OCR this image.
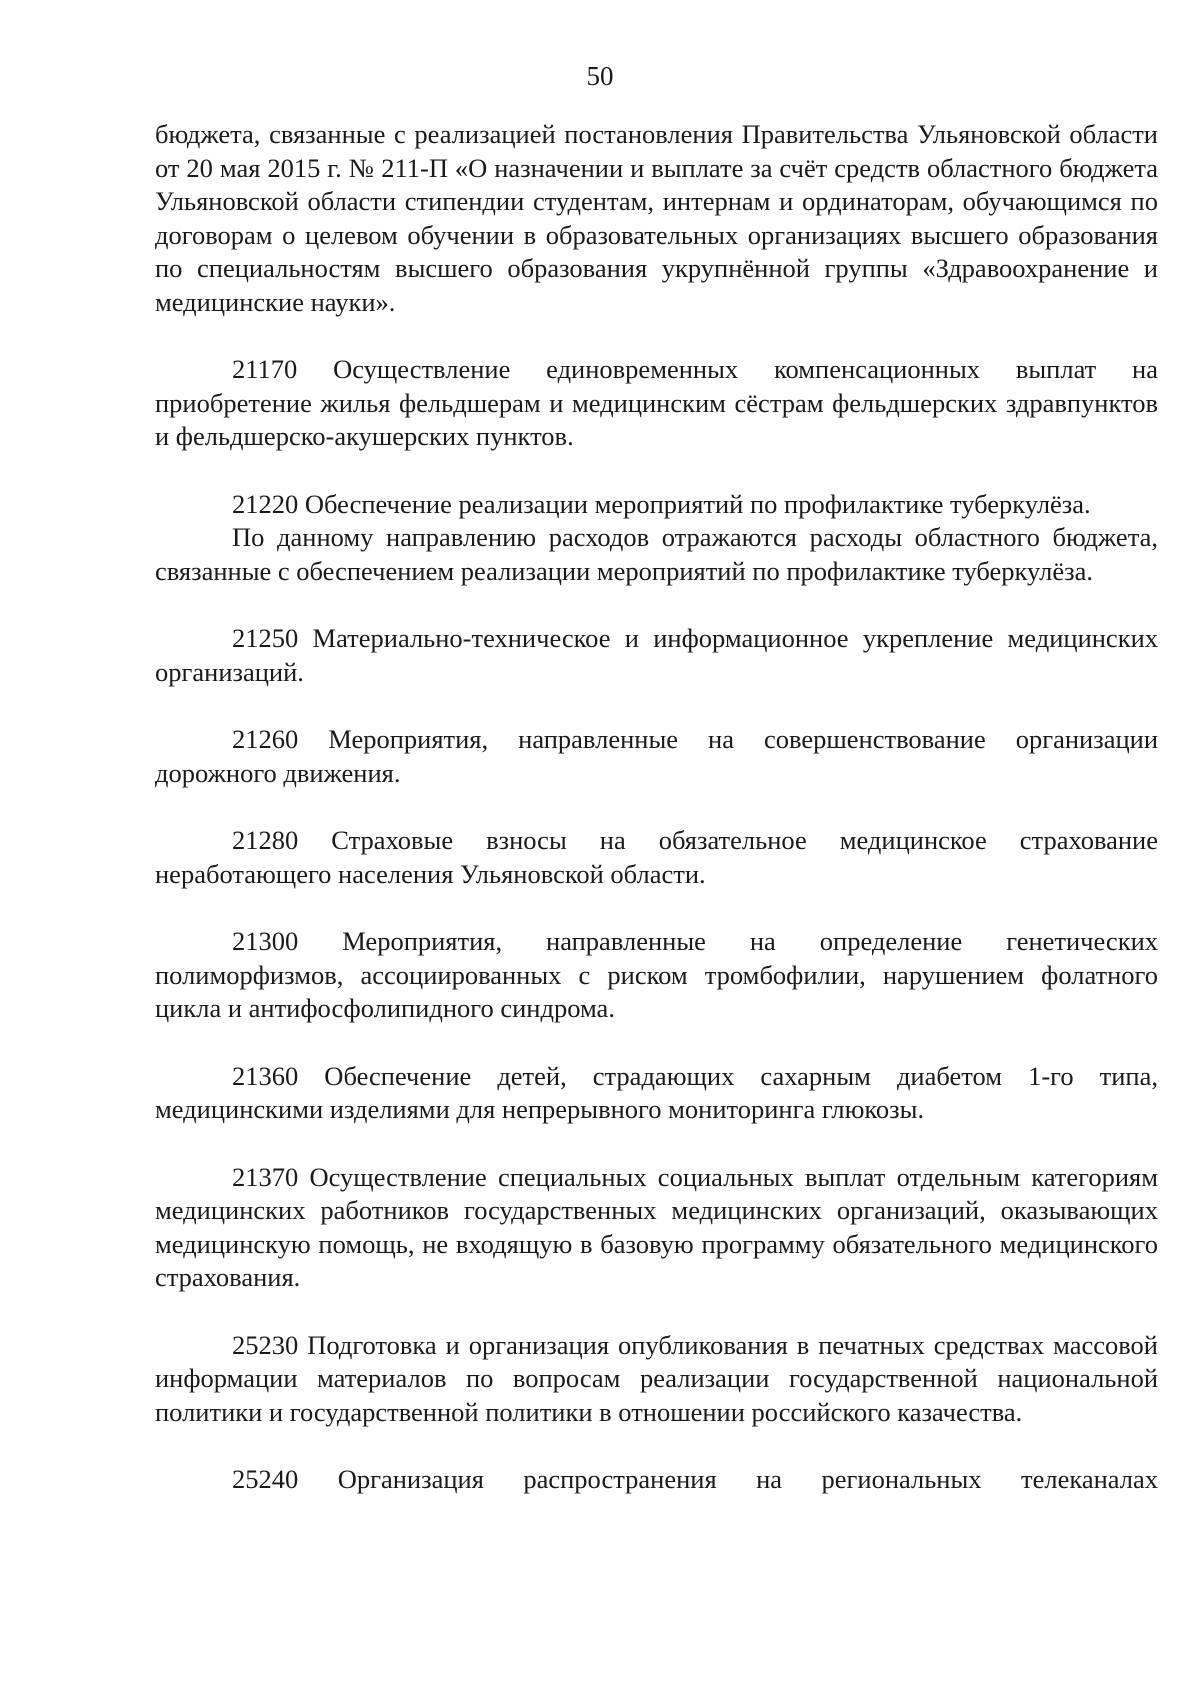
50

бюджета, связанные с реализацией постановления Правительства Ульяновской области от 20 мая 2015 г. № 211-П «О назначении и выплате за счёт средств областного бюджета Ульяновской области стипендии студентам, интернам и ординаторам, обучающимся по договорам о целевом обучении в образовательных организациях высшего образования по специальностям высшего образования укрупнённой группы «Здравоохранение и медицинские науки».

21170 Осуществление единовременных компенсационных выплат на приобретение жилья фельдшерам и медицинским сёстрам фельдшерских здравпунктов и фельдшерско-акушерских пунктов.

21220 Обеспечение реализации мероприятий по профилактике туберкулёза.

По данному направлению расходов отражаются расходы областного бюджета, связанные с обеспечением реализации мероприятий по профилактике туберкулёза.

21250 Материально-техническое и информационное укрепление медицинских организаций.

21260 Мероприятия, направленные на совершенствование организации дорожного движения.

21280 Страховые взносы на обязательное медицинское страхование неработающего населения Ульяновской области.

21300 Мероприятия, направленные на определение генетических полиморфизмов, ассоциированных с риском тромбофилии, нарушением фолатного цикла и антифосфолипидного синдрома.

21360 Обеспечение детей, страдающих сахарным диабетом 1-го типа, медицинскими изделиями для непрерывного мониторинга глюкозы.

21370 Осуществление специальных социальных выплат отдельным категориям медицинских работников государственных медицинских организаций, оказывающих медицинскую помощь, не входящую в базовую программу обязательного медицинского страхования.

25230 Подготовка и организация опубликования в печатных средствах массовой информации материалов по вопросам реализации государственной национальной политики и государственной политики в отношении российского казачества.

25240 Организация распространения на региональных телеканалах
